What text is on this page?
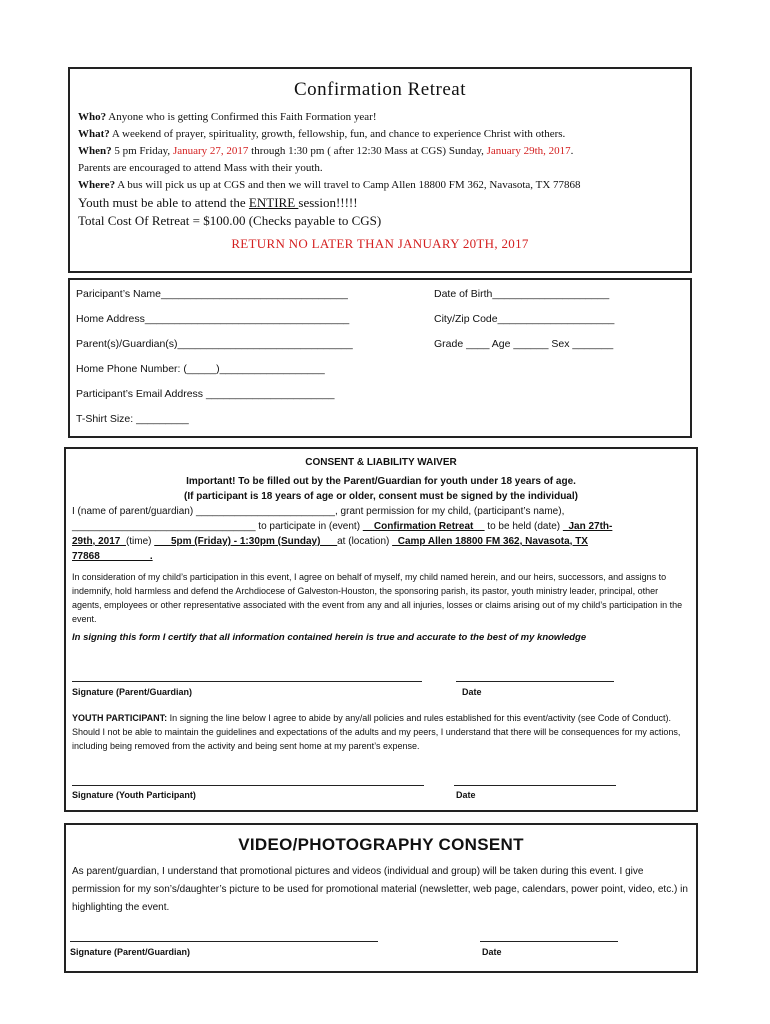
Confirmation Retreat
Who? Anyone who is getting Confirmed this Faith Formation year!
What? A weekend of prayer, spirituality, growth, fellowship, fun, and chance to experience Christ with others.
When? 5 pm Friday, January 27, 2017 through 1:30 pm ( after 12:30 Mass at CGS) Sunday, January 29th, 2017.
Parents are encouraged to attend Mass with their youth.
Where? A bus will pick us up at CGS and then we will travel to Camp Allen 18800 FM 362, Navasota, TX 77868
Youth must be able to attend the ENTIRE session!!!!!
Total Cost Of Retreat = $100.00 (Checks payable to CGS)
RETURN NO LATER THAN JANUARY 20TH, 2017
Paricipant’s Name________________________________	Date of Birth____________________
Home Address___________________________________	City/Zip Code____________________
Parent(s)/Guardian(s)______________________________	Grade ____ Age ______ Sex _______
Home Phone Number: (_____)__________________
Participant’s Email Address ______________________
T-Shirt Size: _________
CONSENT & LIABILITY WAIVER
Important! To be filled out by the Parent/Guardian for youth under 18 years of age.
(If participant is 18 years of age or older, consent must be signed by the individual)
I (name of parent/guardian) _________________________, grant permission for my child, (participant’s name),
_________________________________ to participate in (event) __Confirmation Retreat__ to be held (date) _Jan 27th-
29th, 2017_(time) ___5pm (Friday) - 1:30pm (Sunday)___at (location) _Camp Allen 18800 FM 362, Navasota, TX
77868_________.
In consideration of my child’s participation in this event, I agree on behalf of myself, my child named herein, and our heirs, successors, and assigns to indemnify, hold harmless and defend the Archdiocese of Galveston-Houston, the sponsoring parish, its pastor, youth ministry leader, principal, other agents, employees or other representative associated with the event from any and all injuries, losses or claims arising out of my child’s participation in the event.
In signing this form I certify that all information contained herein is true and accurate to the best of my knowledge
Signature (Parent/Guardian)	Date
YOUTH PARTICIPANT: In signing the line below I agree to abide by any/all policies and rules established for this event/activity (see Code of Conduct). Should I not be able to maintain the guidelines and expectations of the adults and my peers, I understand that there will be consequences for my actions, including being removed from the activity and being sent home at my parent’s expense.
Signature (Youth Participant)	Date
VIDEO/PHOTOGRAPHY CONSENT
As parent/guardian, I understand that promotional pictures and videos (individual and group) will be taken during this event. I give permission for my son’s/daughter’s picture to be used for promotional material (newsletter, web page, calendars, power point, video, etc.) in highlighting the event.
Signature (Parent/Guardian)	Date
